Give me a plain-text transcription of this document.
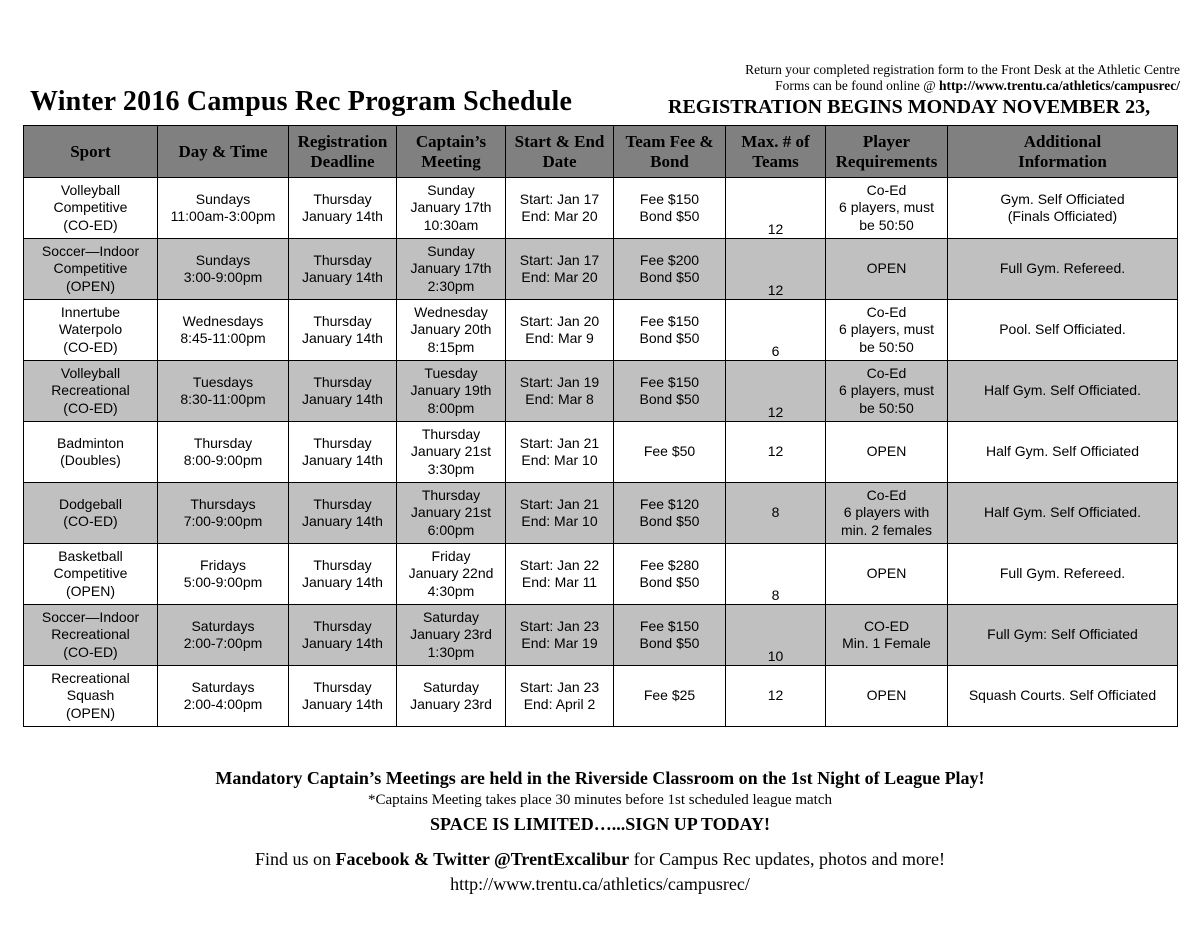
Return your completed registration form to the Front Desk at the Athletic Centre
Forms can be found online @ http://www.trentu.ca/athletics/campusrec/
Winter 2016 Campus Rec Program Schedule	REGISTRATION BEGINS MONDAY NOVEMBER 23,
Sport	Day & Time	Registration
Deadline	Captain’s
Meeting	Start & End
Date	Team Fee &
Bond	Max. # of
Teams	Player
Requirements	Additional
Information

Volleyball
Competitive
(CO-ED)	Sundays
11:00am-3:00pm	Thursday
January 14th	Sunday
January 17th
10:30am	Start: Jan 17
End: Mar 20	Fee $150
Bond $50	12	Co-Ed
6 players, must
be 50:50	Gym. Self Officiated
(Finals Officiated)

Soccer—Indoor
Competitive
(OPEN)	Sundays
3:00-9:00pm	Thursday
January 14th	Sunday
January 17th
2:30pm	Start: Jan 17
End: Mar 20	Fee $200
Bond $50	12	OPEN	Full Gym. Refereed.

Innertube
Waterpolo
(CO-ED)	Wednesdays
8:45-11:00pm	Thursday
January 14th	Wednesday
January 20th
8:15pm	Start: Jan 20
End: Mar 9	Fee $150
Bond $50	6	Co-Ed
6 players, must
be 50:50	Pool. Self Officiated.

Volleyball
Recreational
(CO-ED)	Tuesdays
8:30-11:00pm	Thursday
January 14th	Tuesday
January 19th
8:00pm	Start: Jan 19
End: Mar 8	Fee $150
Bond $50	12	Co-Ed
6 players, must
be 50:50	Half Gym. Self Officiated.

Badminton
(Doubles)	Thursday
8:00-9:00pm	Thursday
January 14th	Thursday
January 21st
3:30pm	Start: Jan 21
End: Mar 10	Fee $50	12	OPEN	Half Gym. Self Officiated

Dodgeball
(CO-ED)	Thursdays
7:00-9:00pm	Thursday
January 14th	Thursday
January 21st
6:00pm	Start: Jan 21
End: Mar 10	Fee $120
Bond $50	8	Co-Ed
6 players with
min. 2 females	Half Gym. Self Officiated.

Basketball
Competitive
(OPEN)	Fridays
5:00-9:00pm	Thursday
January 14th	Friday
January 22nd
4:30pm	Start: Jan 22
End: Mar 11	Fee $280
Bond $50	8	OPEN	Full Gym. Refereed.

Soccer—Indoor
Recreational
(CO-ED)	Saturdays
2:00-7:00pm	Thursday
January 14th	Saturday
January 23rd
1:30pm	Start: Jan 23
End: Mar 19	Fee $150
Bond $50	10	CO-ED
Min. 1 Female	Full Gym: Self Officiated

Recreational
Squash
(OPEN)	Saturdays
2:00-4:00pm	Thursday
January 14th	Saturday
January 23rd	Start: Jan 23
End: April 2	Fee $25	12	OPEN	Squash Courts. Self Officiated
Mandatory Captain’s Meetings are held in the Riverside Classroom on the 1st Night of League Play!
*Captains Meeting takes place 30 minutes before 1st scheduled league match
SPACE IS LIMITED…...SIGN UP TODAY!
Find us on Facebook & Twitter @TrentExcalibur for Campus Rec updates, photos and more!
http://www.trentu.ca/athletics/campusrec/
